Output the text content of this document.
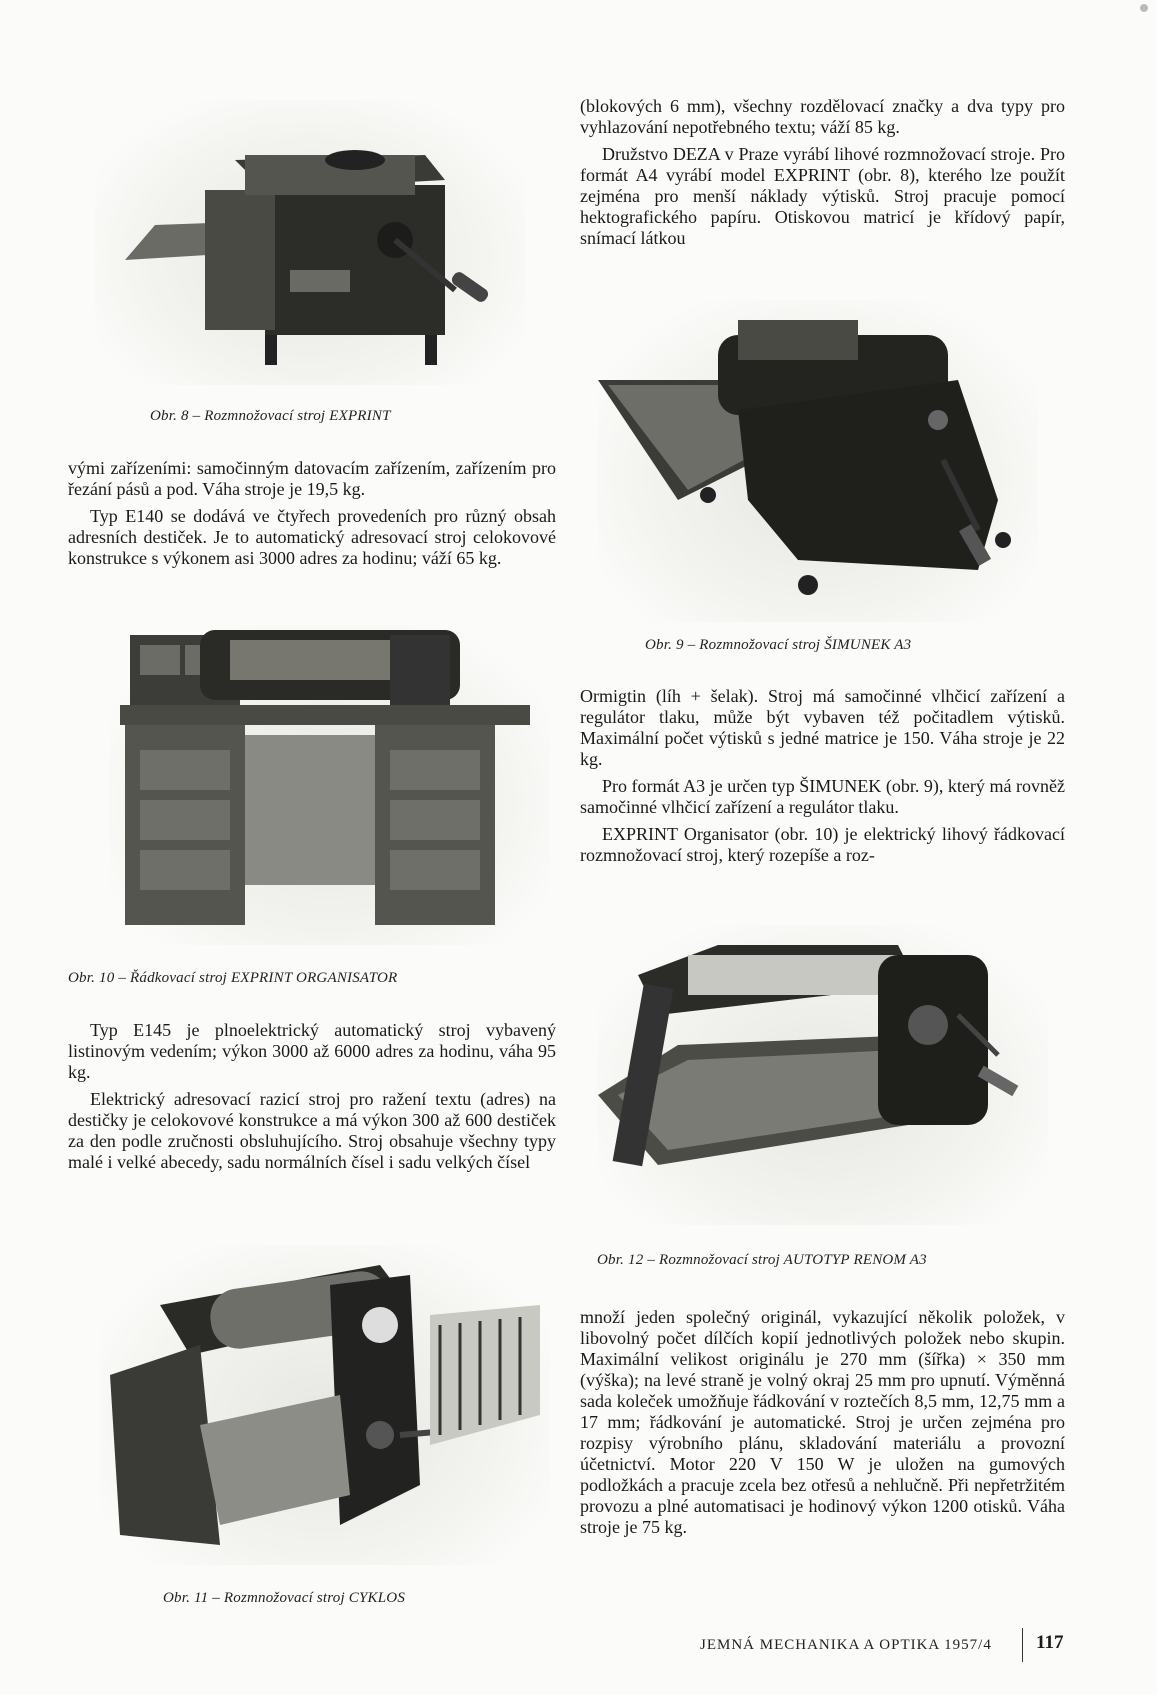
Obr. 8 – Rozmnožovací stroj EXPRINT

(blokových 6 mm), všechny rozdělovací značky a dva typy pro vyhlazování nepotřebného textu; váží 85 kg.

Družstvo DEZA v Praze vyrábí lihové rozmnožovací stroje. Pro formát A4 vyrábí model EXPRINT (obr. 8), kterého lze použít zejména pro menší náklady výtisků. Stroj pracuje pomocí hektografického papíru. Otiskovou matricí je křídový papír, snímací látkou

Obr. 9 – Rozmnožovací stroj ŠIMUNEK A3

vými zařízeními: samočinným datovacím zařízením, zařízením pro řezání pásů a pod. Váha stroje je 19,5 kg.

Typ E140 se dodává ve čtyřech provedeních pro různý obsah adresních destiček. Je to automatický adresovací stroj celokovové konstrukce s výkonem asi 3000 adres za hodinu; váží 65 kg.

Obr. 10 – Řádkovací stroj EXPRINT ORGANISATOR

Ormigtin (líh + šelak). Stroj má samočinné vlhčicí zařízení a regulátor tlaku, může být vybaven též počitadlem výtisků. Maximální počet výtisků s jedné matrice je 150. Váha stroje je 22 kg.

Pro formát A3 je určen typ ŠIMUNEK (obr. 9), který má rovněž samočinné vlhčicí zařízení a regulátor tlaku.

EXPRINT Organisator (obr. 10) je elektrický lihový řádkovací rozmnožovací stroj, který rozepíše a roz-

Obr. 12 – Rozmnožovací stroj AUTOTYP RENOM A3

Typ E145 je plnoelektrický automatický stroj vybavený listinovým vedením; výkon 3000 až 6000 adres za hodinu, váha 95 kg.

Elektrický adresovací razicí stroj pro ražení textu (adres) na destičky je celokovové konstrukce a má výkon 300 až 600 destiček za den podle zručnosti obsluhujícího. Stroj obsahuje všechny typy malé i velké abecedy, sadu normálních čísel i sadu velkých čísel

Obr. 11 – Rozmnožovací stroj CYKLOS

množí jeden společný originál, vykazující několik položek, v libovolný počet dílčích kopií jednotlivých položek nebo skupin. Maximální velikost originálu je 270 mm (šířka) × 350 mm (výška); na levé straně je volný okraj 25 mm pro upnutí. Výměnná sada koleček umožňuje řádkování v roztečích 8,5 mm, 12,75 mm a 17 mm; řádkování je automatické. Stroj je určen zejména pro rozpisy výrobního plánu, skladování materiálu a provozní účetnictví. Motor 220 V 150 W je uložen na gumových podložkách a pracuje zcela bez otřesů a nehlučně. Při nepřetržitém provozu a plné automatisaci je hodinový výkon 1200 otisků. Váha stroje je 75 kg.

JEMNÁ MECHANIKA A OPTIKA 1957/4 117
